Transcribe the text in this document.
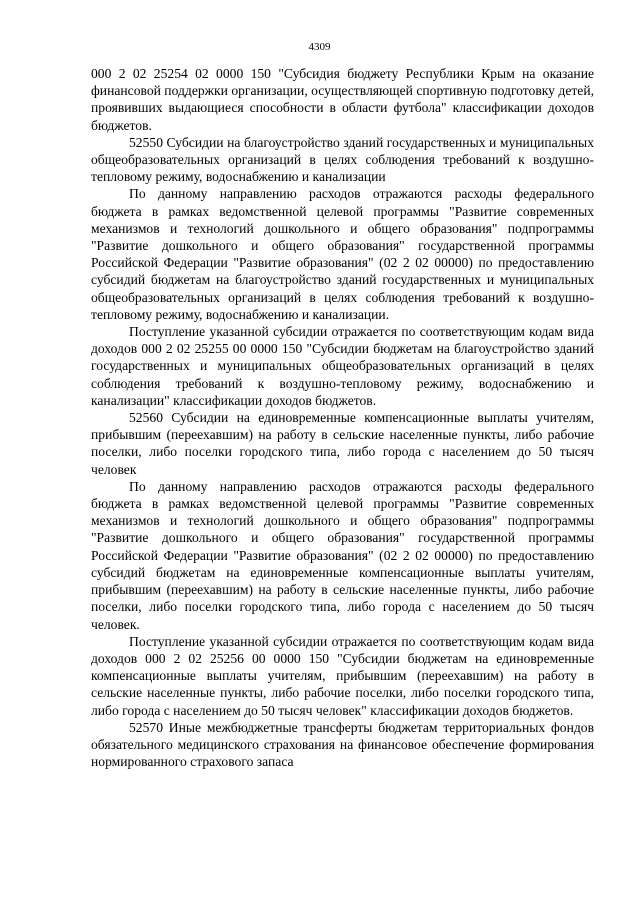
4309

000 2 02 25254 02 0000 150 "Субсидия бюджету Республики Крым на оказание финансовой поддержки организации, осуществляющей спортивную подготовку детей, проявивших выдающиеся способности в области футбола" классификации доходов бюджетов.

52550 Субсидии на благоустройство зданий государственных и муниципальных общеобразовательных организаций в целях соблюдения требований к воздушно-тепловому режиму, водоснабжению и канализации

По данному направлению расходов отражаются расходы федерального бюджета в рамках ведомственной целевой программы "Развитие современных механизмов и технологий дошкольного и общего образования" подпрограммы "Развитие дошкольного и общего образования" государственной программы Российской Федерации "Развитие образования" (02 2 02 00000) по предоставлению субсидий бюджетам на благоустройство зданий государственных и муниципальных общеобразовательных организаций в целях соблюдения требований к воздушно-тепловому режиму, водоснабжению и канализации.

Поступление указанной субсидии отражается по соответствующим кодам вида доходов 000 2 02 25255 00 0000 150 "Субсидии бюджетам на благоустройство зданий государственных и муниципальных общеобразовательных организаций в целях соблюдения требований к воздушно-тепловому режиму, водоснабжению и канализации" классификации доходов бюджетов.

52560 Субсидии на единовременные компенсационные выплаты учителям, прибывшим (переехавшим) на работу в сельские населенные пункты, либо рабочие поселки, либо поселки городского типа, либо города с населением до 50 тысяч человек

По данному направлению расходов отражаются расходы федерального бюджета в рамках ведомственной целевой программы "Развитие современных механизмов и технологий дошкольного и общего образования" подпрограммы "Развитие дошкольного и общего образования" государственной программы Российской Федерации "Развитие образования" (02 2 02 00000) по предоставлению субсидий бюджетам на единовременные компенсационные выплаты учителям, прибывшим (переехавшим) на работу в сельские населенные пункты, либо рабочие поселки, либо поселки городского типа, либо города с населением до 50 тысяч человек.

Поступление указанной субсидии отражается по соответствующим кодам вида доходов 000 2 02 25256 00 0000 150 "Субсидии бюджетам на единовременные компенсационные выплаты учителям, прибывшим (переехавшим) на работу в сельские населенные пункты, либо рабочие поселки, либо поселки городского типа, либо города с населением до 50 тысяч человек" классификации доходов бюджетов.

52570 Иные межбюджетные трансферты бюджетам территориальных фондов обязательного медицинского страхования на финансовое обеспечение формирования нормированного страхового запаса
